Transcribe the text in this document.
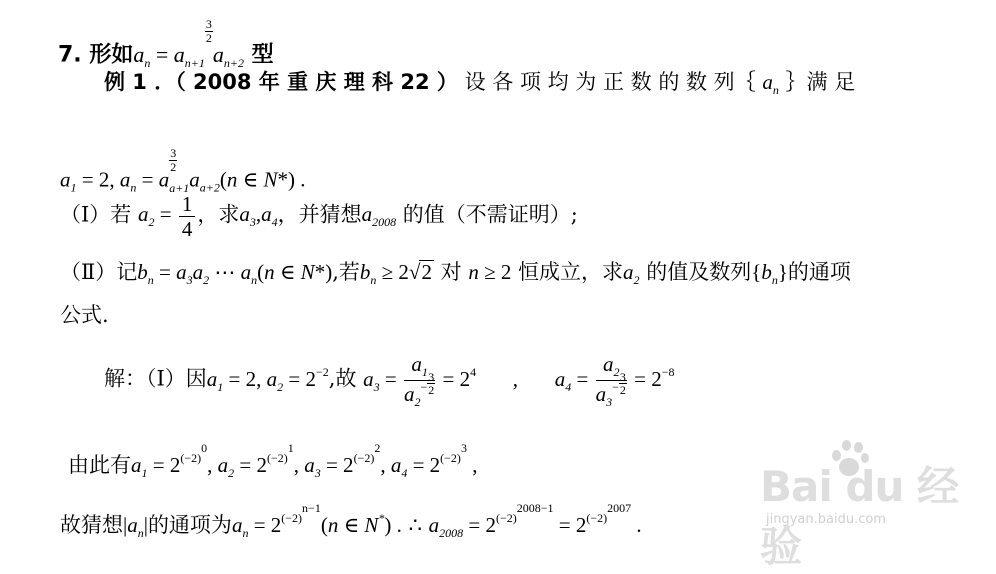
7. 形如$a_n = a_{n+1}$
$\frac{3}{2}$
$a_{n+2}$ 型
例 1 ．（ 2008 年 重 庆 理 科 22 ） 设 各 项 均 为 正 数 的 数 列｛ $a_n$ ｝满 足
$a_1 = 2$, $a_n = a$
$\frac{3}{2}$
$_{a+1}a_{a+2}(n$ ∈ N*) .
（Ⅰ）若 $a_2 = \frac{1}{4}$ ，求$a_3,a_4$，并猜想$a_{2008}$ 的值（不需证明）;
（Ⅱ）记$b_n = a_3a_2$ ⋯ $a_n(n$ ∈ N*),若$b_n \ge 2√2$ 对 n ≥ 2 恒成立，求$a_2$ 的值及数列$\{b_n\}$的通项
公式.
解：（Ⅰ）因$a_1 = 2$, $a_2 = 2^{-2}$,故 $a_3 = a_1$
$a_2^{- \frac{3}{2}} = 2^4$ , $a_4 = a_2$
$a_3^{- \frac{3}{2}} = 2^{-8}$
由此有$a_1 = 2^{(-2)^0}$, $a_2 = 2^{(-2)^1}$, $a_3 = 2^{(-2)^2}$, $a_4 = 2^{(-2)^3}$ ,
故猜想$|a_n|$的通项为$a_n = 2^{(-2)^{n-1}}(n$ ∈ N*) . ∴ $a_{2008} = 2^{(-2)^{2008-1}} = 2^{(-2)^{2007}}$ .
Bai du 经验
jingyan.baidu.com
